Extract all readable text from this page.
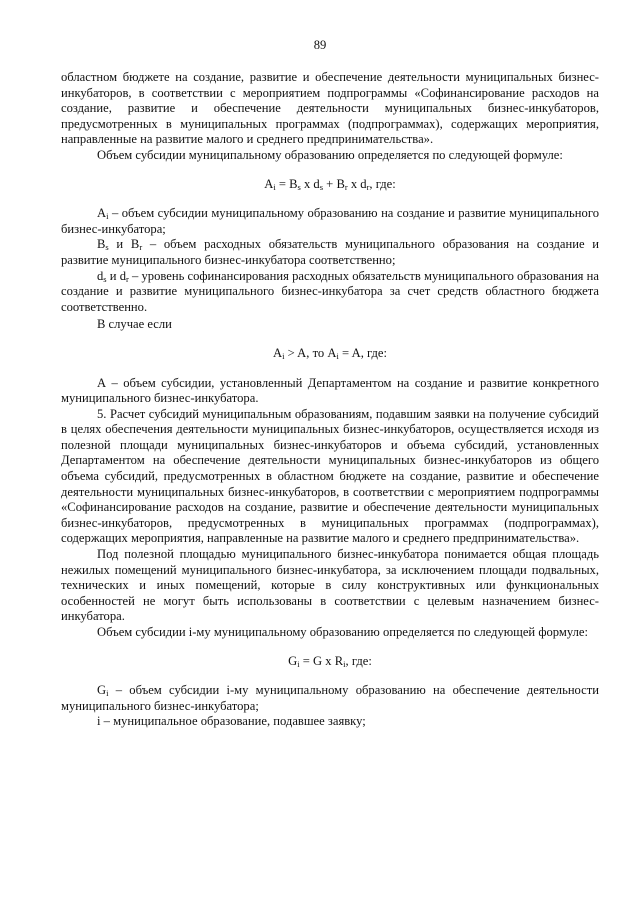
89

областном бюджете на создание, развитие и обеспечение деятельности муниципальных бизнес-инкубаторов, в соответствии с мероприятием подпрограммы «Софинансирование расходов на создание, развитие и обеспечение деятельности муниципальных бизнес-инкубаторов, предусмотренных в муниципальных программах (подпрограммах), содержащих мероприятия, направленные на развитие малого и среднего предпринимательства».

Объем субсидии муниципальному образованию определяется по следующей формуле:

$A_i = B_s$ x $d_s + B_r$ x $d_r$, где:

$A_i$ – объем субсидии муниципальному образованию на создание и развитие муниципального бизнес-инкубатора;

$B_s$ и $B_r$ – объем расходных обязательств муниципального образования на создание и развитие муниципального бизнес-инкубатора соответственно;

$d_s$ и $d_r$ – уровень софинансирования расходных обязательств муниципального образования на создание и развитие муниципального бизнес-инкубатора за счет средств областного бюджета соответственно.

В случае если

$A_i > A$, то $A_i = A$, где:

А – объем субсидии, установленный Департаментом на создание и развитие конкретного муниципального бизнес-инкубатора.

5. Расчет субсидий муниципальным образованиям, подавшим заявки на получение субсидий в целях обеспечения деятельности муниципальных бизнес-инкубаторов, осуществляется исходя из полезной площади муниципальных бизнес-инкубаторов и объема субсидий, установленных Департаментом на обеспечение деятельности муниципальных бизнес-инкубаторов из общего объема субсидий, предусмотренных в областном бюджете на создание, развитие и обеспечение деятельности муниципальных бизнес-инкубаторов, в соответствии с мероприятием подпрограммы «Софинансирование расходов на создание, развитие и обеспечение деятельности муниципальных бизнес-инкубаторов, предусмотренных в муниципальных программах (подпрограммах), содержащих мероприятия, направленные на развитие малого и среднего предпринимательства».

Под полезной площадью муниципального бизнес-инкубатора понимается общая площадь нежилых помещений муниципального бизнес-инкубатора, за исключением площади подвальных, технических и иных помещений, которые в силу конструктивных или функциональных особенностей не могут быть использованы в соответствии с целевым назначением бизнес-инкубатора.

Объем субсидии i-му муниципальному образованию определяется по следующей формуле:

$G_i = G$ x $R_i$, где:

$G_i$ – объем субсидии i-му муниципальному образованию на обеспечение деятельности муниципального бизнес-инкубатора;

i – муниципальное образование, подавшее заявку;
